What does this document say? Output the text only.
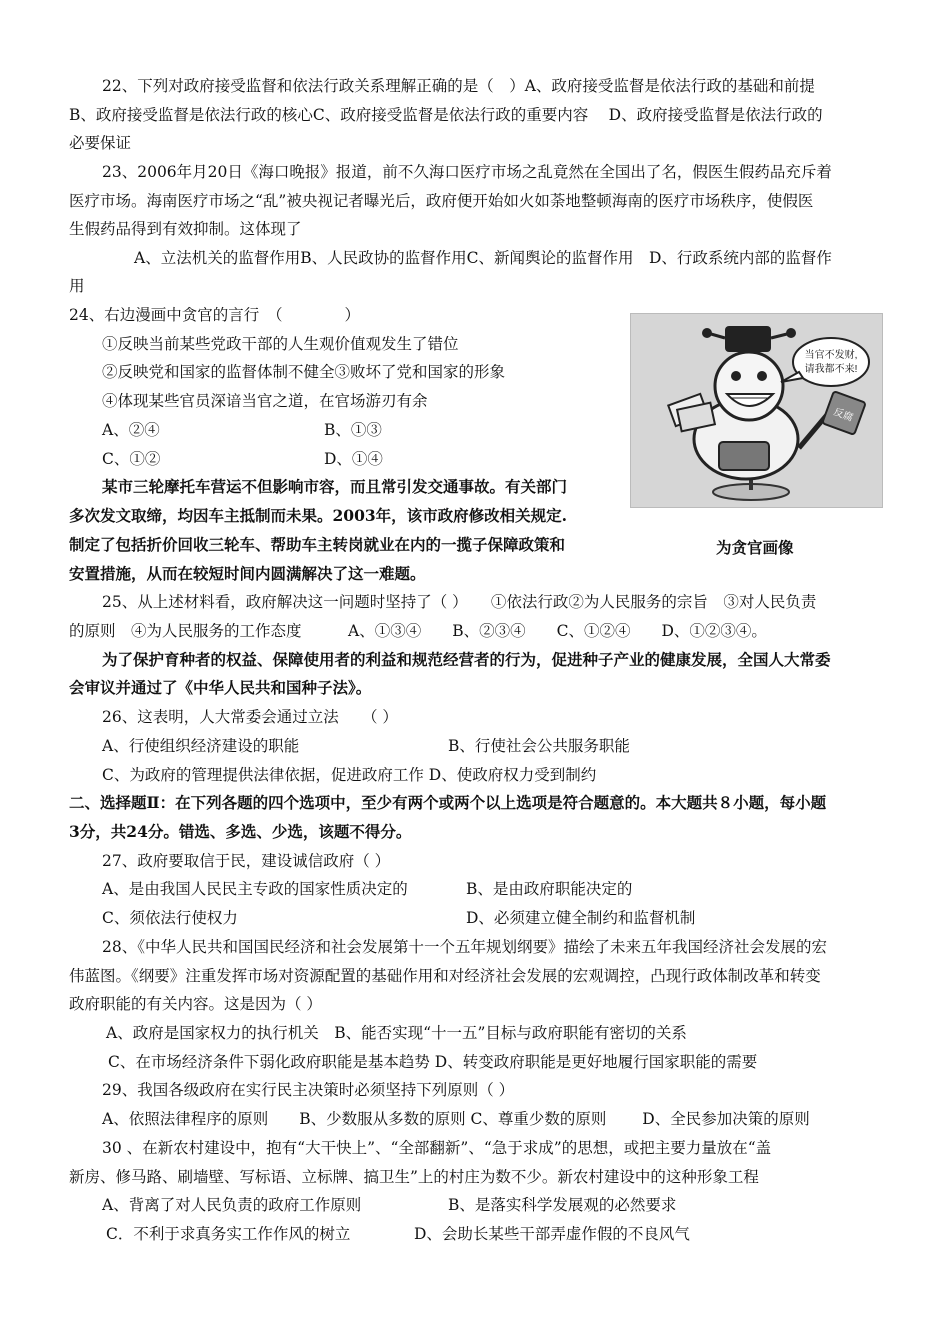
22、下列对政府接受监督和依法行政关系理解正确的是（　）A、政府接受监督是依法行政的基础和前提
B、政府接受监督是依法行政的核心C、政府接受监督是依法行政的重要内容　 D、政府接受监督是依法行政的
必要保证
23、2006年月20日《海口晚报》报道，前不久海口医疗市场之乱竟然在全国出了名，假医生假药品充斥着
医疗市场。海南医疗市场之“乱”被央视记者曝光后，政府便开始如火如荼地整顿海南的医疗市场秩序，使假医
生假药品得到有效抑制。这体现了
A、立法机关的监督作用B、人民政协的监督作用C、新闻舆论的监督作用　D、行政系统内部的监督作
用
24、右边漫画中贪官的言行　（　　　　）
①反映当前某些党政干部的人生观价值观发生了错位
②反映党和国家的监督体制不健全③败坏了党和国家的形象
④体现某些官员深谙当官之道，在官场游刃有余
A、②④	B、①③
C、①②	D、①④
当官不发财,
请我都不来!
反腐
为贪官画像
某市三轮摩托车营运不但影响市容，而且常引发交通事故。有关部门
多次发文取缔，均因车主抵制而未果。2003年，该市政府修改相关规定.
制定了包括折价回收三轮车、帮助车主转岗就业在内的一揽子保障政策和
安置措施，从而在较短时间内圆满解决了这一难题。
25、从上述材料看，政府解决这一问题时坚持了（ ）　　①依法行政②为人民服务的宗旨　③对人民负责
的原则　④为人民服务的工作态度　　　A、①③④　　B、②③④　　C、①②④　　D、①②③④。
为了保护育种者的权益、保障使用者的利益和规范经营者的行为，促进种子产业的健康发展，全国人大常委
会审议并通过了《中华人民共和国种子法》。
26、这表明，人大常委会通过立法　　（ ）
A、行使组织经济建设的职能	B、行使社会公共服务职能
C、为政府的管理提供法律依据，促进政府工作 D、使政府权力受到制约
二、选择题Ⅱ：在下列各题的四个选项中，至少有两个或两个以上选项是符合题意的。本大题共８小题，每小题
3分，共24分。错选、多选、少选，该题不得分。
27、政府要取信于民，建设诚信政府（ ）
A、是由我国人民民主专政的国家性质决定的	B、是由政府职能决定的
C、须依法行使权力	D、必须建立健全制约和监督机制
28、《中华人民共和国国民经济和社会发展第十一个五年规划纲要》描绘了未来五年我国经济社会发展的宏
伟蓝图。《纲要》注重发挥市场对资源配置的基础作用和对经济社会发展的宏观调控，凸现行政体制改革和转变
政府职能的有关内容。这是因为（ ）
A、政府是国家权力的执行机关　B、能否实现“十一五”目标与政府职能有密切的关系
C、在市场经济条件下弱化政府职能是基本趋势 D、转变政府职能是更好地履行国家职能的需要
29、我国各级政府在实行民主决策时必须坚持下列原则（ ）
A、依照法律程序的原则　　B、少数服从多数的原则 C、尊重少数的原则　　 D、全民参加决策的原则
30 、在新农村建设中，抱有“大干快上”、“全部翻新”、“急于求成”的思想，或把主要力量放在“盖
新房、修马路、刷墙壁、写标语、立标牌、搞卫生”上的村庄为数不少。新农村建设中的这种形象工程
A、背离了对人民负责的政府工作原则	B、是落实科学发展观的必然要求
C．不利于求真务实工作作风的树立	D、会助长某些干部弄虚作假的不良风气
